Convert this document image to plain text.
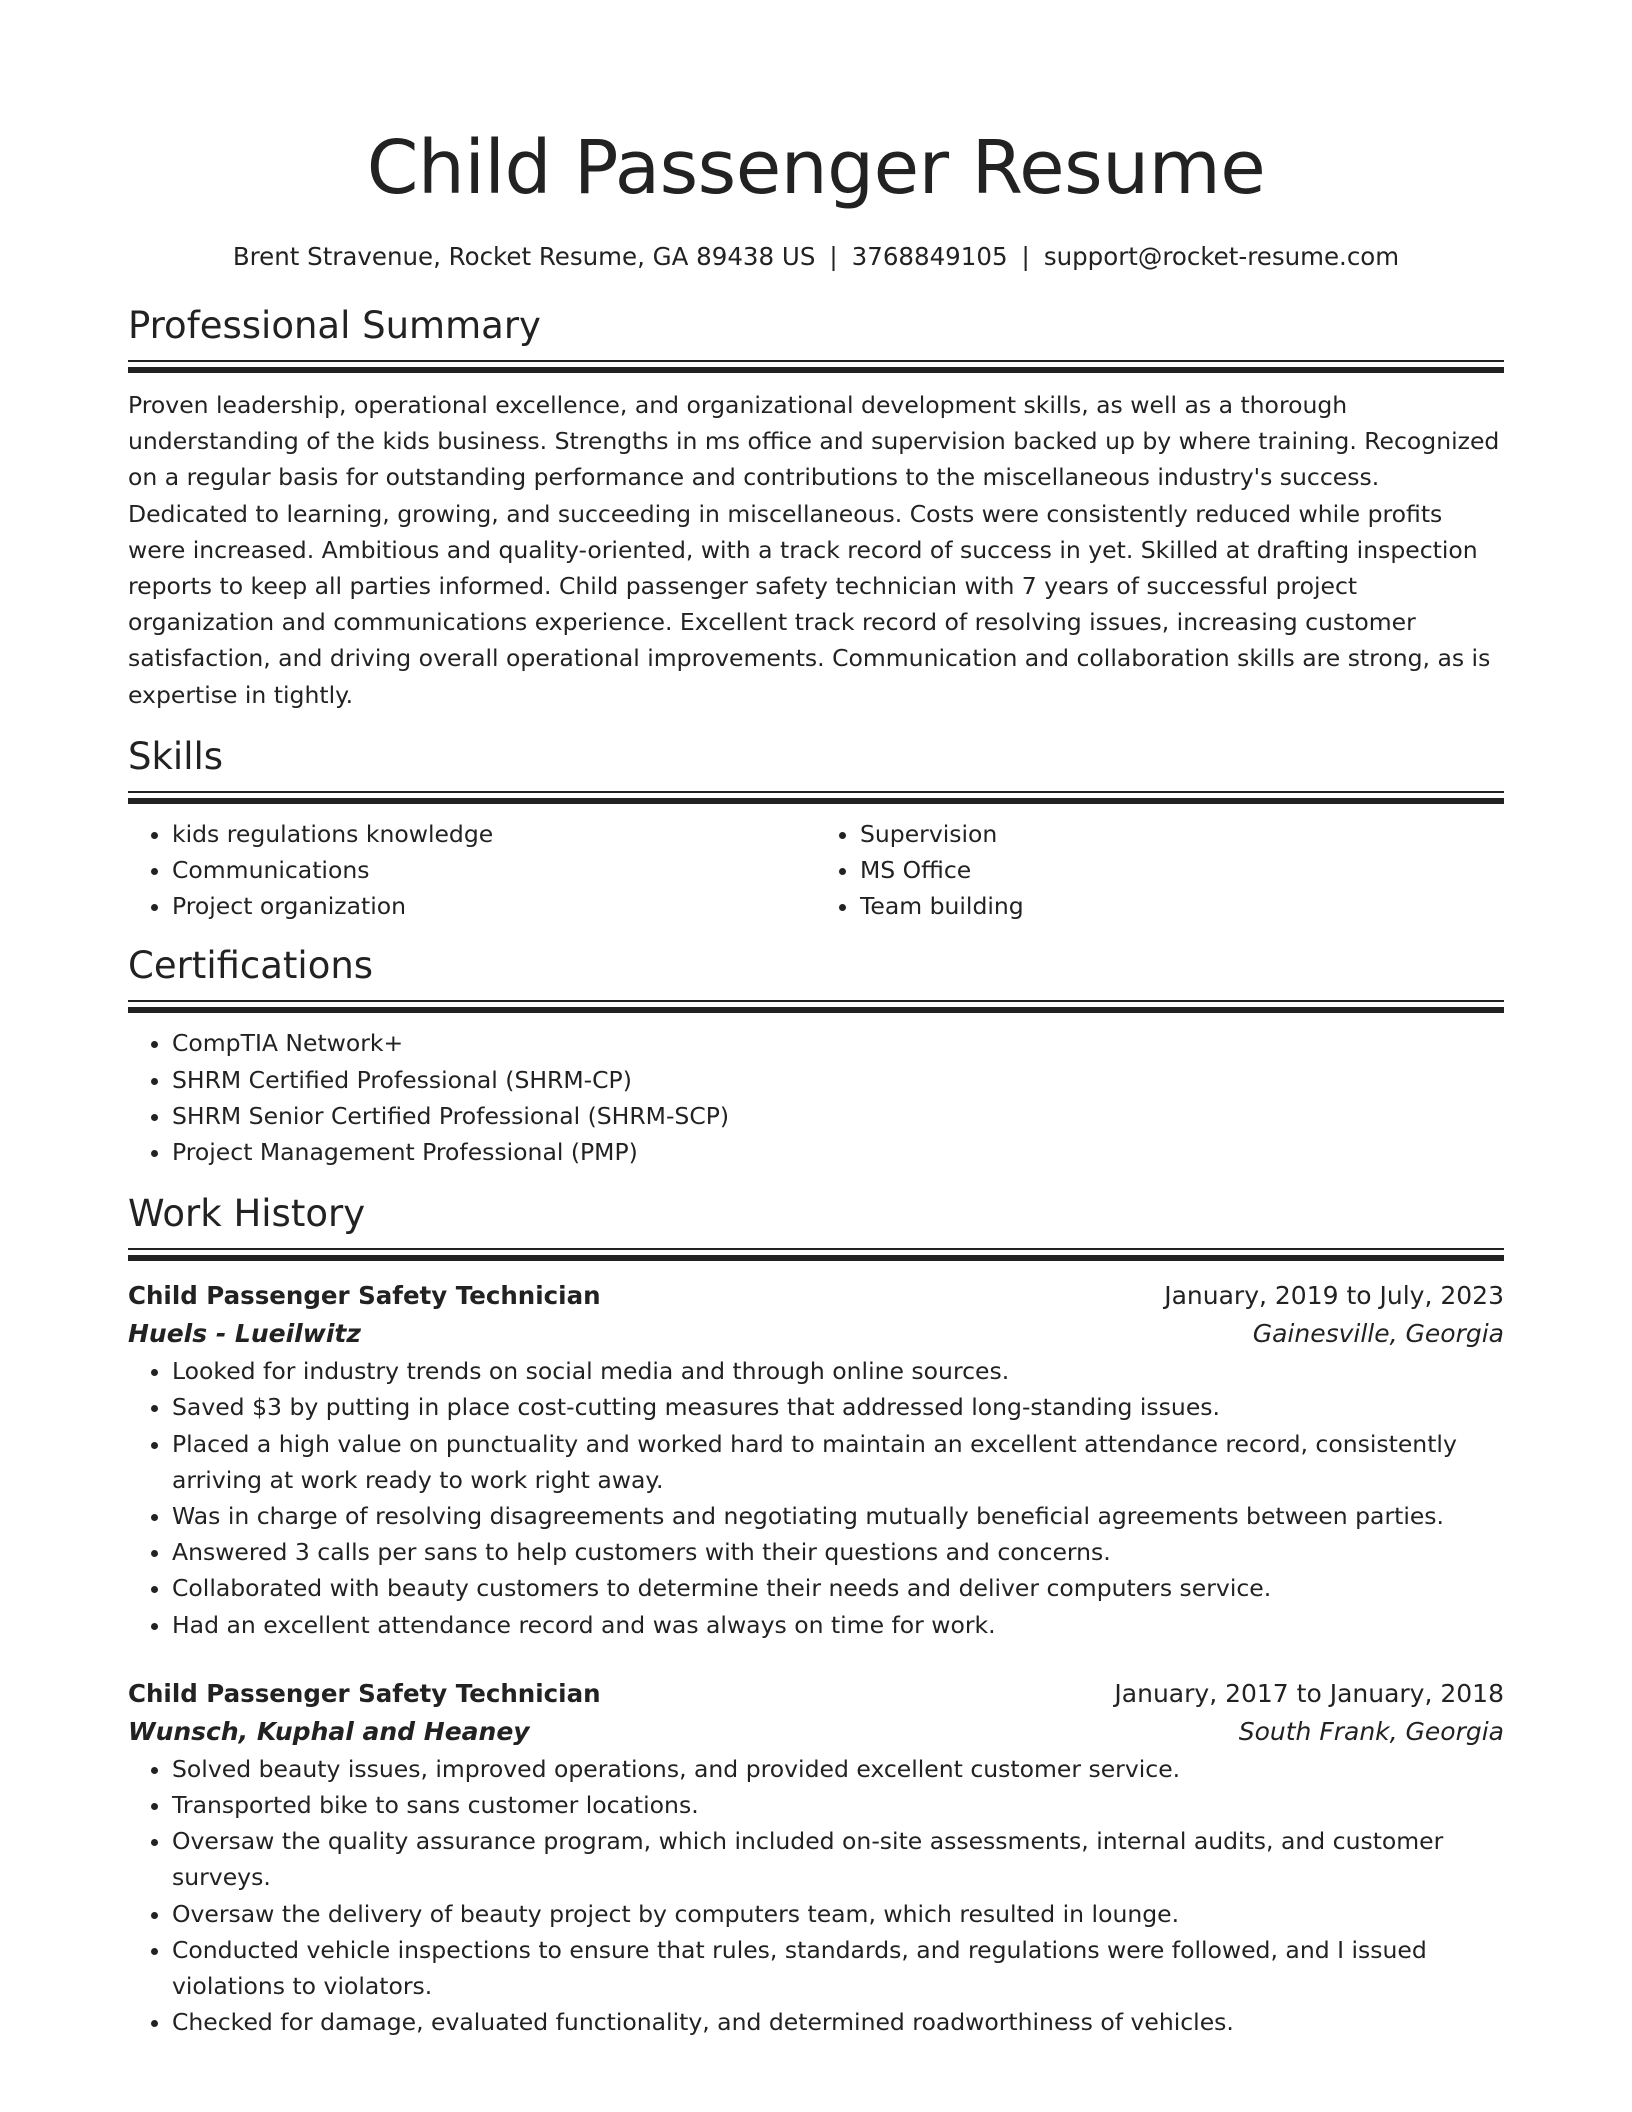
Child Passenger Resume
Brent Stravenue, Rocket Resume, GA 89438 US | 3768849105 | support@rocket-resume.com
Professional Summary
Proven leadership, operational excellence, and organizational development skills, as well as a thorough understanding of the kids business. Strengths in ms office and supervision backed up by where training. Recognized on a regular basis for outstanding performance and contributions to the miscellaneous industry's success. Dedicated to learning, growing, and succeeding in miscellaneous. Costs were consistently reduced while profits were increased. Ambitious and quality-oriented, with a track record of success in yet. Skilled at drafting inspection reports to keep all parties informed. Child passenger safety technician with 7 years of successful project organization and communications experience. Excellent track record of resolving issues, increasing customer satisfaction, and driving overall operational improvements. Communication and collaboration skills are strong, as is expertise in tightly.
Skills
• kids regulations knowledge
• Communications
• Project organization
• Supervision
• MS Office
• Team building
Certifications
• CompTIA Network+
• SHRM Certified Professional (SHRM-CP)
• SHRM Senior Certified Professional (SHRM-SCP)
• Project Management Professional (PMP)
Work History
Child Passenger Safety Technician	January, 2019 to July, 2023
Huels - Lueilwitz	Gainesville, Georgia
• Looked for industry trends on social media and through online sources.
• Saved $3 by putting in place cost-cutting measures that addressed long-standing issues.
• Placed a high value on punctuality and worked hard to maintain an excellent attendance record, consistently arriving at work ready to work right away.
• Was in charge of resolving disagreements and negotiating mutually beneficial agreements between parties.
• Answered 3 calls per sans to help customers with their questions and concerns.
• Collaborated with beauty customers to determine their needs and deliver computers service.
• Had an excellent attendance record and was always on time for work.
Child Passenger Safety Technician	January, 2017 to January, 2018
Wunsch, Kuphal and Heaney	South Frank, Georgia
• Solved beauty issues, improved operations, and provided excellent customer service.
• Transported bike to sans customer locations.
• Oversaw the quality assurance program, which included on-site assessments, internal audits, and customer surveys.
• Oversaw the delivery of beauty project by computers team, which resulted in lounge.
• Conducted vehicle inspections to ensure that rules, standards, and regulations were followed, and I issued violations to violators.
• Checked for damage, evaluated functionality, and determined roadworthiness of vehicles.
